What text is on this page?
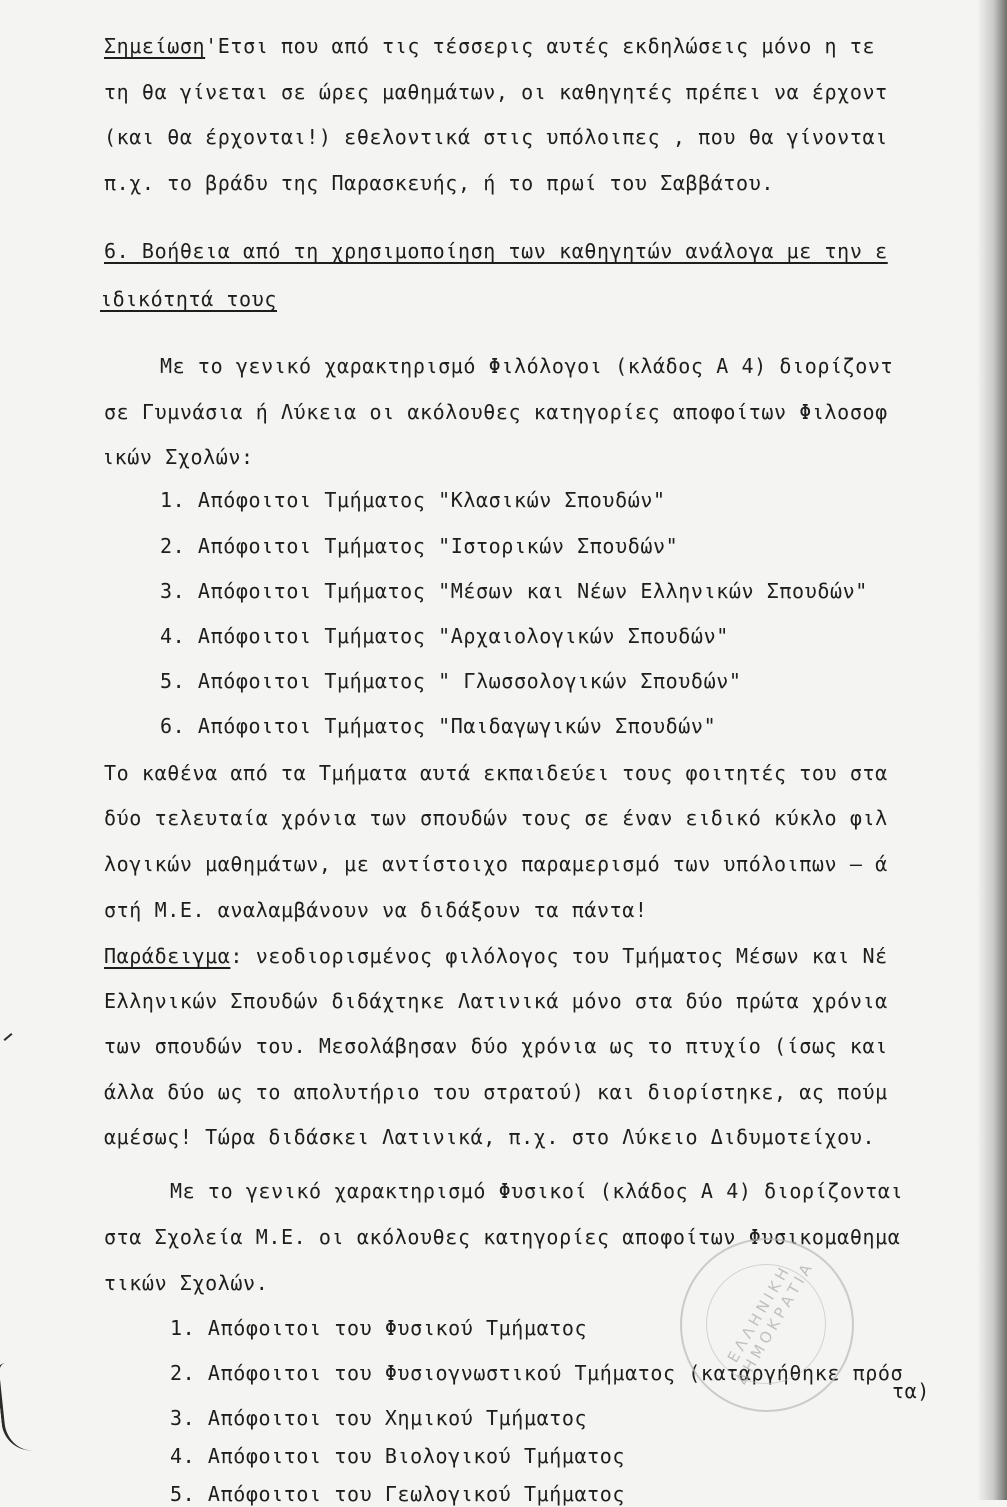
Σημείωση'Ετσι που από τις τέσσερις αυτές εκδηλώσεις μόνο η τε
τη θα γίνεται σε ώρες μαθημάτων, οι καθηγητές πρέπει να έρχοντ
(και θα έρχονται!) εθελοντικά στις υπόλοιπες , που θα γίνονται
π.χ. το βράδυ της Παρασκευής, ή το πρωί του Σαββάτου.
6. Βοήθεια από τη χρησιμοποίηση των καθηγητών ανάλογα με την ε
ιδικότητά τους
Με το γενικό χαρακτηρισμό Φιλόλογοι (κλάδος Α 4) διορίζοντ
σε Γυμνάσια ή Λύκεια οι ακόλουθες κατηγορίες αποφοίτων Φιλοσοφ
ικών Σχολών:
1. Απόφοιτοι Τμήματος "Κλασικών Σπουδών"
2. Απόφοιτοι Τμήματος "Ιστορικών Σπουδών"
3. Απόφοιτοι Τμήματος "Μέσων και Νέων Ελληνικών Σπουδών"
4. Απόφοιτοι Τμήματος "Αρχαιολογικών Σπουδών"
5. Απόφοιτοι Τμήματος " Γλωσσολογικών Σπουδών"
6. Απόφοιτοι Τμήματος "Παιδαγωγικών Σπουδών"
Το καθένα από τα Τμήματα αυτά εκπαιδεύει τους φοιτητές του στα
δύο τελευταία χρόνια των σπουδών τους σε έναν ειδικό κύκλο φιλ
λογικών μαθημάτων, με αντίστοιχο παραμερισμό των υπόλοιπων — ά
στή Μ.Ε. αναλαμβάνουν να διδάξουν τα πάντα!
Παράδειγμα: νεοδιορισμένος φιλόλογος του Τμήματος Μέσων και Νέ
Ελληνικών Σπουδών διδάχτηκε Λατινικά μόνο στα δύο πρώτα χρόνια
των σπουδών του. Μεσολάβησαν δύο χρόνια ως το πτυχίο (ίσως και
άλλα δύο ως το απολυτήριο του στρατού) και διορίστηκε, ας πούμ
αμέσως! Τώρα διδάσκει Λατινικά, π.χ. στο Λύκειο Διδυμοτείχου.
Με το γενικό χαρακτηρισμό Φυσικοί (κλάδος Α 4) διορίζονται
στα Σχολεία Μ.Ε. οι ακόλουθες κατηγορίες αποφοίτων Φυσικομαθημα
τικών Σχολών.
1. Απόφοιτοι του Φυσικού Τμήματος
2. Απόφοιτοι του Φυσιογνωστικού Τμήματος (καταργήθηκε πρόσ
τα)
3. Απόφοιτοι του Χημικού Τμήματος
4. Απόφοιτοι του Βιολογικού Τμήματος
5. Απόφοιτοι του Γεωλογικού Τμήματος
ΕΛΛΗΝΙΚΗ ΔΗΜΟΚΡΑΤΙΑ
